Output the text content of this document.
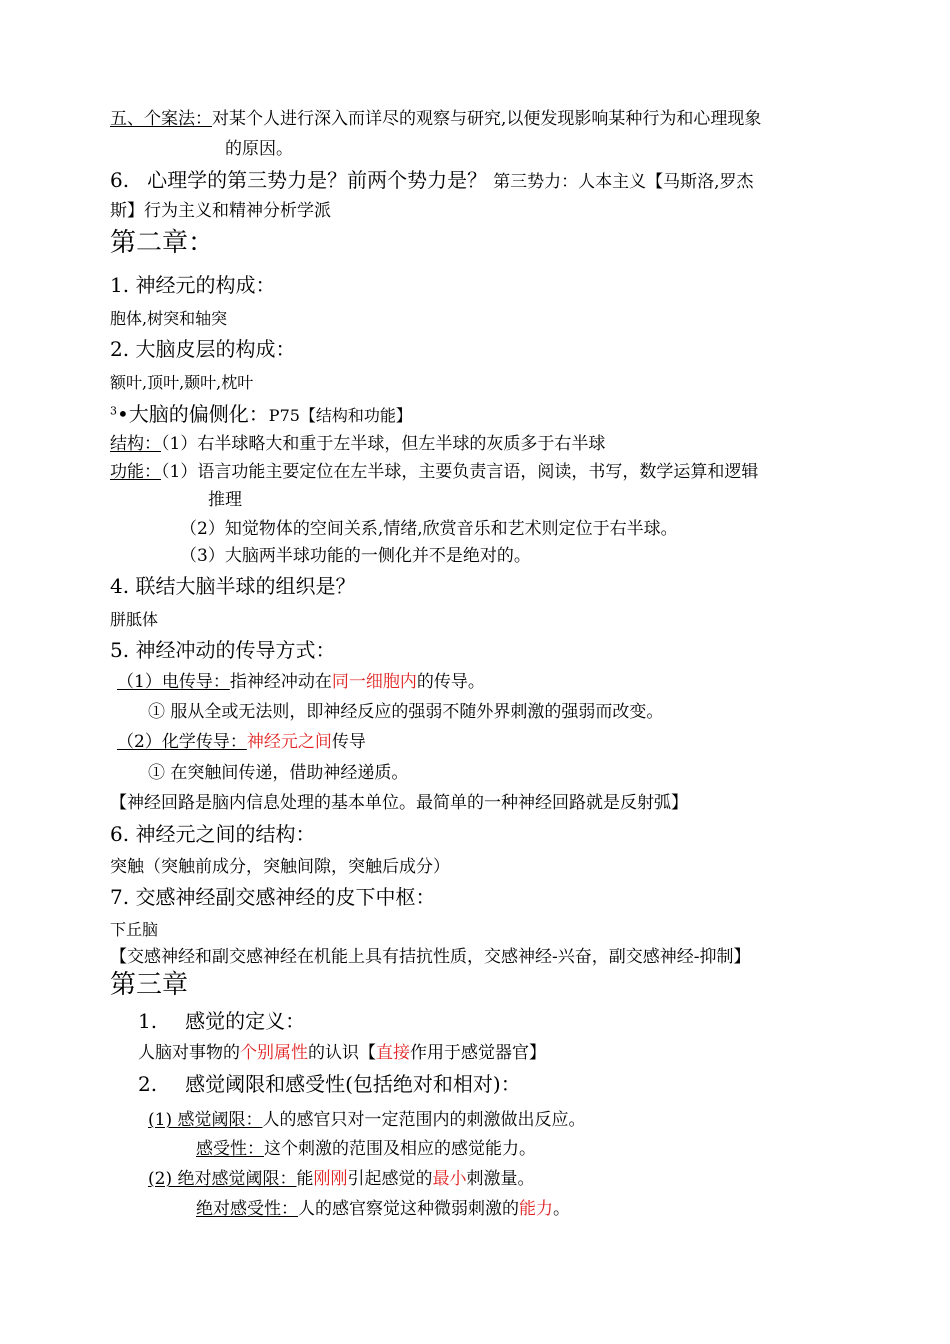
五、个案法：对某个人进行深入而详尽的观察与研究,以便发现影响某种行为和心理现象
的原因。
6. 心理学的第三势力是？前两个势力是？ 第三势力：人本主义【马斯洛,罗杰
斯】行为主义和精神分析学派
第二章：
1. 神经元的构成：
胞体,树突和轴突
2. 大脑皮层的构成：
额叶,顶叶,颞叶,枕叶
$^3$•大脑的偏侧化：P75【结构和功能】
结构：（1）右半球略大和重于左半球，但左半球的灰质多于右半球
功能：（1）语言功能主要定位在左半球，主要负责言语，阅读，书写，数学运算和逻辑
推理
（2）知觉物体的空间关系,情绪,欣赏音乐和艺术则定位于右半球。
（3）大脑两半球功能的一侧化并不是绝对的。
4. 联结大脑半球的组织是？
胼胝体
5. 神经冲动的传导方式：
（1）电传导：指神经冲动在同一细胞内的传导。
① 服从全或无法则，即神经反应的强弱不随外界刺激的强弱而改变。
（2）化学传导：神经元之间传导
① 在突触间传递，借助神经递质。
【神经回路是脑内信息处理的基本单位。最简单的一种神经回路就是反射弧】
6. 神经元之间的结构：
突触（突触前成分，突触间隙，突触后成分）
7. 交感神经副交感神经的皮下中枢：
下丘脑
【交感神经和副交感神经在机能上具有拮抗性质，交感神经-兴奋，副交感神经-抑制】
第三章
1. 感觉的定义：
人脑对事物的个别属性的认识【直接作用于感觉器官】
2. 感觉阈限和感受性(包括绝对和相对)：
(1) 感觉阈限：人的感官只对一定范围内的刺激做出反应。
感受性：这个刺激的范围及相应的感觉能力。
(2) 绝对感觉阈限：能刚刚引起感觉的最小刺激量。
绝对感受性：人的感官察觉这种微弱刺激的能力。
